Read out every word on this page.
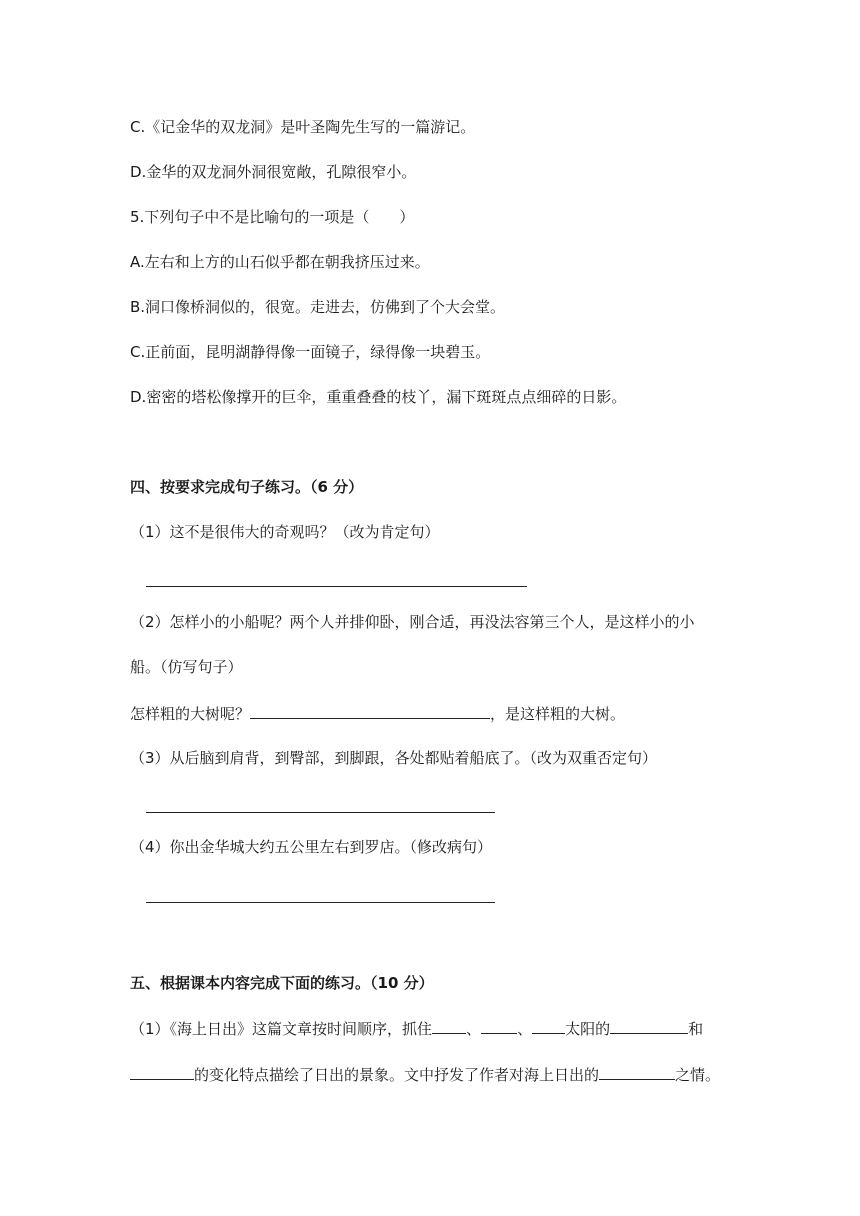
C.《记金华的双龙洞》是叶圣陶先生写的一篇游记。
D.金华的双龙洞外洞很宽敞，孔隙很窄小。
5.下列句子中不是比喻句的一项是（　　）
A.左右和上方的山石似乎都在朝我挤压过来。
B.洞口像桥洞似的，很宽。走进去，仿佛到了个大会堂。
C.正前面，昆明湖静得像一面镜子，绿得像一块碧玉。
D.密密的塔松像撑开的巨伞，重重叠叠的枝丫，漏下斑斑点点细碎的日影。
四、按要求完成句子练习。（6 分）
（1）这不是很伟大的奇观吗？（改为肯定句）
（2）怎样小的小船呢？两个人并排仰卧，刚合适，再没法容第三个人，是这样小的小
船。（仿写句子）
怎样粗的大树呢？	，是这样粗的大树。
（3）从后脑到肩背，到臀部，到脚跟，各处都贴着船底了。（改为双重否定句）
（4）你出金华城大约五公里左右到罗店。（修改病句）
五、根据课本内容完成下面的练习。（10 分）
（1）《海上日出》这篇文章按时间顺序，抓住 、 、 太阳的	和
的变化特点描绘了日出的景象。文中抒发了作者对海上日出的	之情。
